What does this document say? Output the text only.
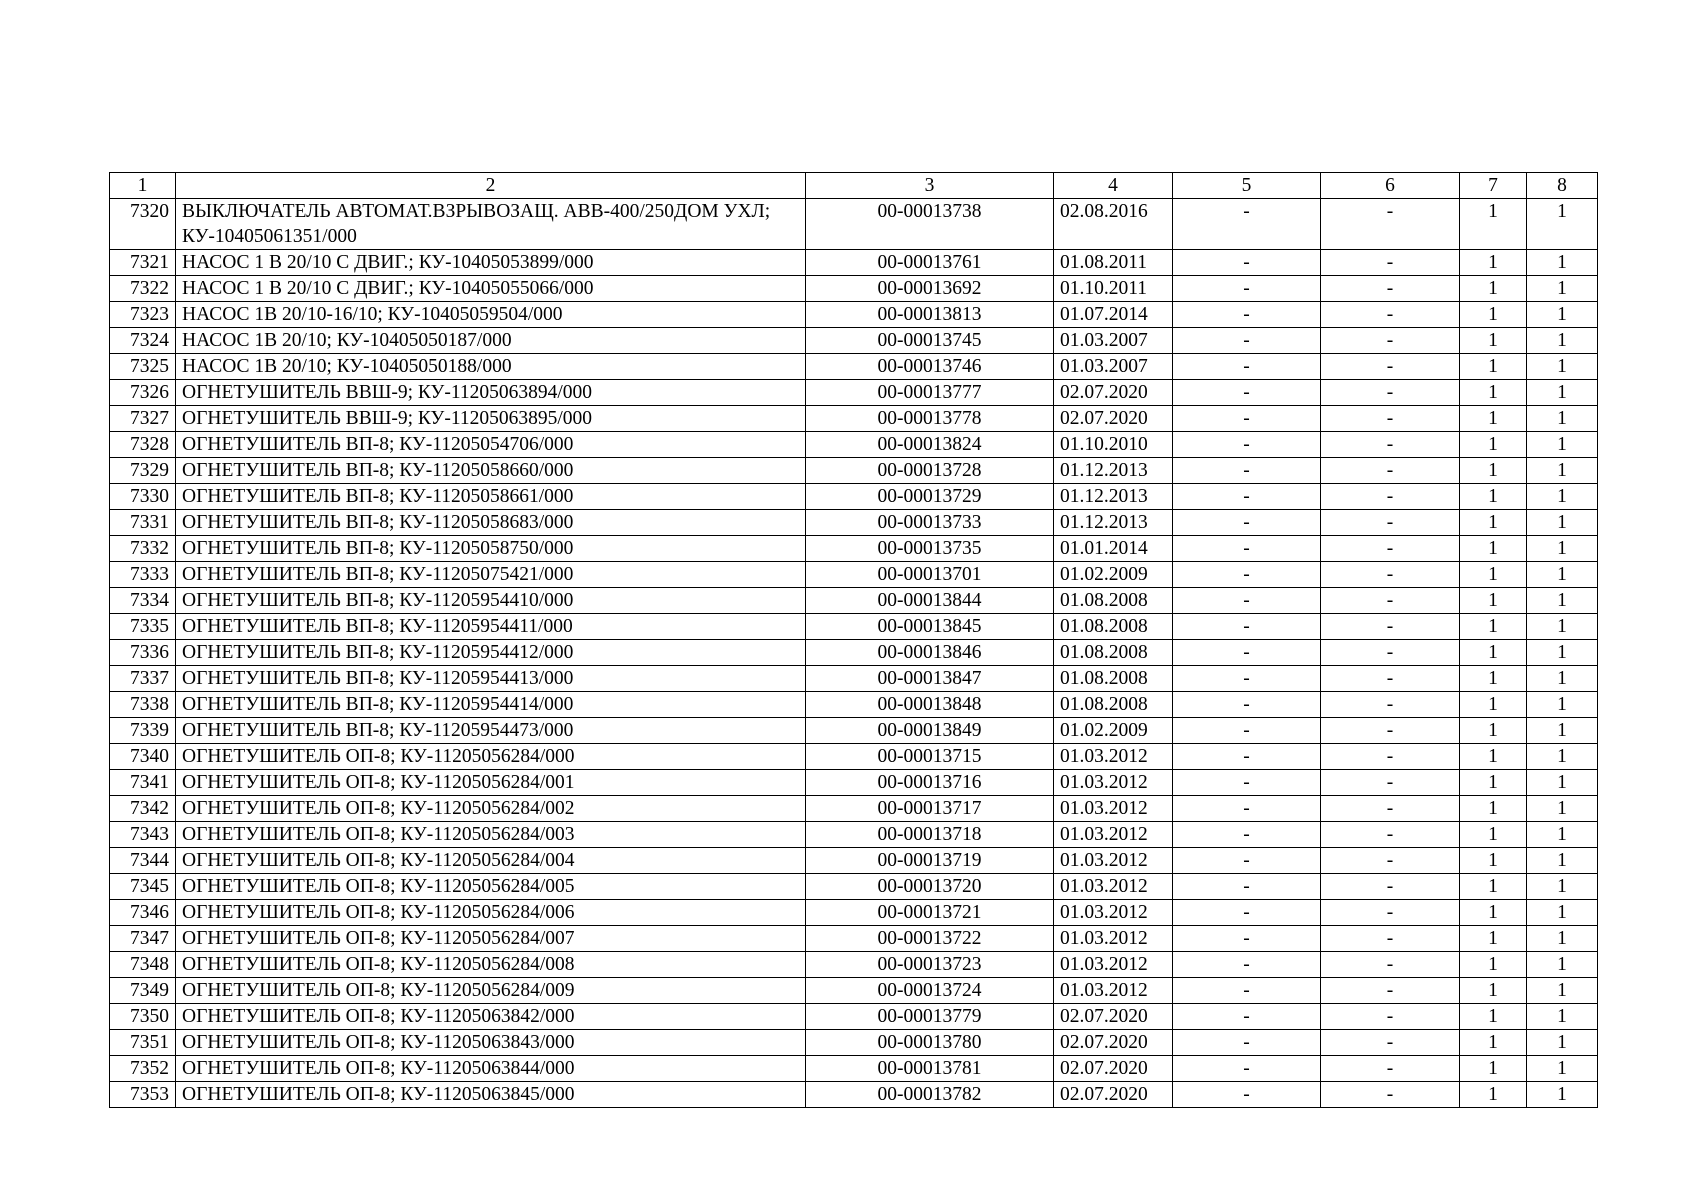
1	2	3	4	5	6	7	8
7320	ВЫКЛЮЧАТЕЛЬ АВТОМАТ.ВЗРЫВОЗАЩ. АВВ-400/250ДОМ УХЛ; КУ-10405061351/000	00-00013738	02.08.2016	-	-	1	1
7321	НАСОС 1 В 20/10 С ДВИГ.; КУ-10405053899/000	00-00013761	01.08.2011	-	-	1	1
7322	НАСОС 1 В 20/10 С ДВИГ.; КУ-10405055066/000	00-00013692	01.10.2011	-	-	1	1
7323	НАСОС 1В 20/10-16/10; КУ-10405059504/000	00-00013813	01.07.2014	-	-	1	1
7324	НАСОС 1В 20/10; КУ-10405050187/000	00-00013745	01.03.2007	-	-	1	1
7325	НАСОС 1В 20/10; КУ-10405050188/000	00-00013746	01.03.2007	-	-	1	1
7326	ОГНЕТУШИТЕЛЬ ВВШ-9; КУ-11205063894/000	00-00013777	02.07.2020	-	-	1	1
7327	ОГНЕТУШИТЕЛЬ ВВШ-9; КУ-11205063895/000	00-00013778	02.07.2020	-	-	1	1
7328	ОГНЕТУШИТЕЛЬ ВП-8; КУ-11205054706/000	00-00013824	01.10.2010	-	-	1	1
7329	ОГНЕТУШИТЕЛЬ ВП-8; КУ-11205058660/000	00-00013728	01.12.2013	-	-	1	1
7330	ОГНЕТУШИТЕЛЬ ВП-8; КУ-11205058661/000	00-00013729	01.12.2013	-	-	1	1
7331	ОГНЕТУШИТЕЛЬ ВП-8; КУ-11205058683/000	00-00013733	01.12.2013	-	-	1	1
7332	ОГНЕТУШИТЕЛЬ ВП-8; КУ-11205058750/000	00-00013735	01.01.2014	-	-	1	1
7333	ОГНЕТУШИТЕЛЬ ВП-8; КУ-11205075421/000	00-00013701	01.02.2009	-	-	1	1
7334	ОГНЕТУШИТЕЛЬ ВП-8; КУ-11205954410/000	00-00013844	01.08.2008	-	-	1	1
7335	ОГНЕТУШИТЕЛЬ ВП-8; КУ-11205954411/000	00-00013845	01.08.2008	-	-	1	1
7336	ОГНЕТУШИТЕЛЬ ВП-8; КУ-11205954412/000	00-00013846	01.08.2008	-	-	1	1
7337	ОГНЕТУШИТЕЛЬ ВП-8; КУ-11205954413/000	00-00013847	01.08.2008	-	-	1	1
7338	ОГНЕТУШИТЕЛЬ ВП-8; КУ-11205954414/000	00-00013848	01.08.2008	-	-	1	1
7339	ОГНЕТУШИТЕЛЬ ВП-8; КУ-11205954473/000	00-00013849	01.02.2009	-	-	1	1
7340	ОГНЕТУШИТЕЛЬ ОП-8; КУ-11205056284/000	00-00013715	01.03.2012	-	-	1	1
7341	ОГНЕТУШИТЕЛЬ ОП-8; КУ-11205056284/001	00-00013716	01.03.2012	-	-	1	1
7342	ОГНЕТУШИТЕЛЬ ОП-8; КУ-11205056284/002	00-00013717	01.03.2012	-	-	1	1
7343	ОГНЕТУШИТЕЛЬ ОП-8; КУ-11205056284/003	00-00013718	01.03.2012	-	-	1	1
7344	ОГНЕТУШИТЕЛЬ ОП-8; КУ-11205056284/004	00-00013719	01.03.2012	-	-	1	1
7345	ОГНЕТУШИТЕЛЬ ОП-8; КУ-11205056284/005	00-00013720	01.03.2012	-	-	1	1
7346	ОГНЕТУШИТЕЛЬ ОП-8; КУ-11205056284/006	00-00013721	01.03.2012	-	-	1	1
7347	ОГНЕТУШИТЕЛЬ ОП-8; КУ-11205056284/007	00-00013722	01.03.2012	-	-	1	1
7348	ОГНЕТУШИТЕЛЬ ОП-8; КУ-11205056284/008	00-00013723	01.03.2012	-	-	1	1
7349	ОГНЕТУШИТЕЛЬ ОП-8; КУ-11205056284/009	00-00013724	01.03.2012	-	-	1	1
7350	ОГНЕТУШИТЕЛЬ ОП-8; КУ-11205063842/000	00-00013779	02.07.2020	-	-	1	1
7351	ОГНЕТУШИТЕЛЬ ОП-8; КУ-11205063843/000	00-00013780	02.07.2020	-	-	1	1
7352	ОГНЕТУШИТЕЛЬ ОП-8; КУ-11205063844/000	00-00013781	02.07.2020	-	-	1	1
7353	ОГНЕТУШИТЕЛЬ ОП-8; КУ-11205063845/000	00-00013782	02.07.2020	-	-	1	1
